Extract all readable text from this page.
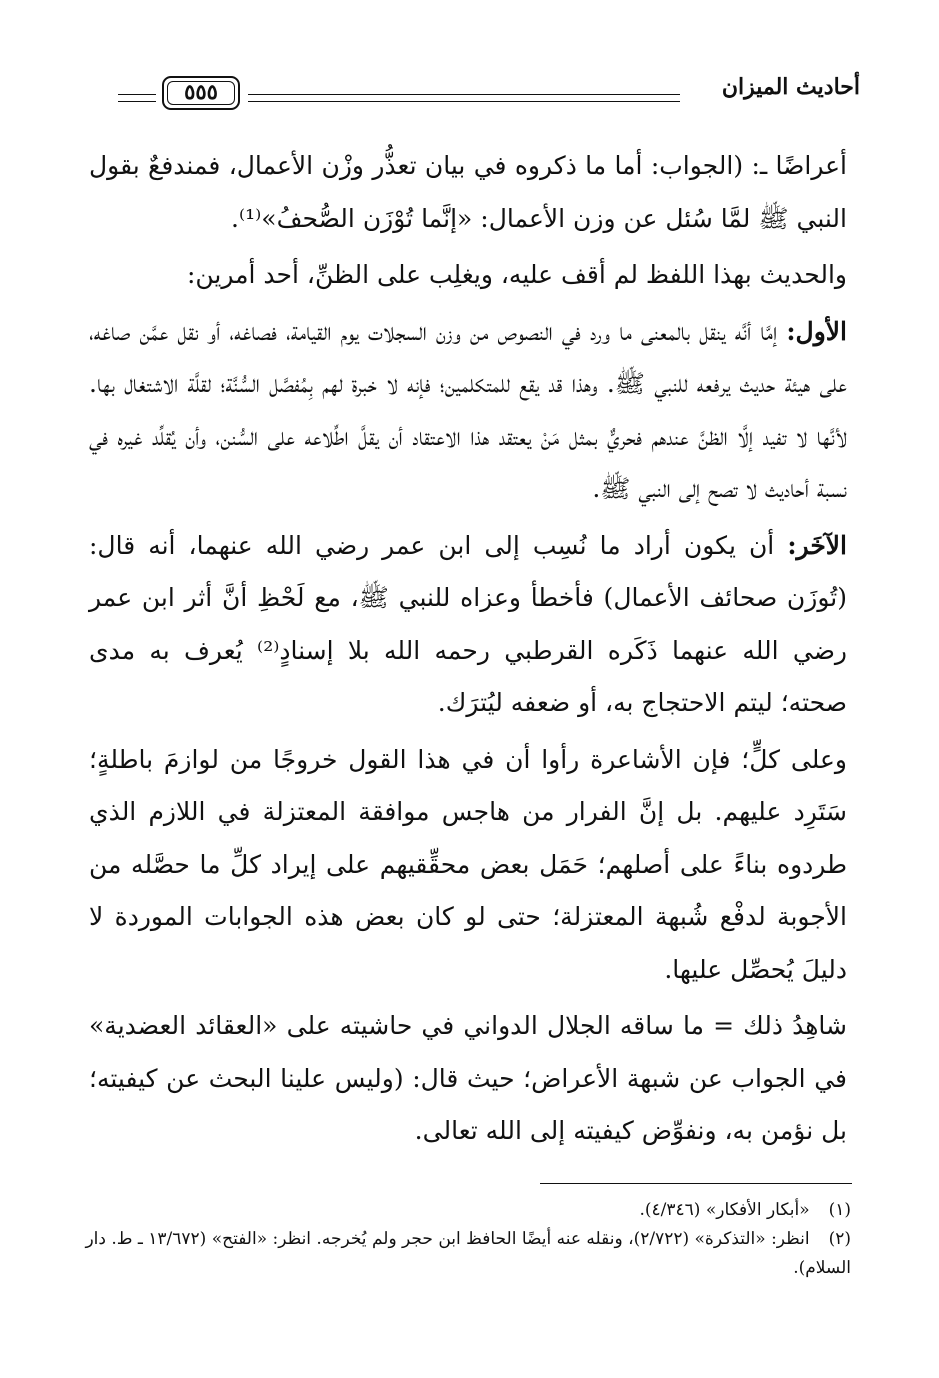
أحاديث الميزان
٥٥٥

أعراضًا ـ: (الجواب: أما ما ذكروه في بيان تعذُّر وزْن الأعمال، فمندفعٌ بقول النبي ﷺ لمَّا سُئل عن وزن الأعمال: «إنَّما تُوْزَن الصُّحفُ»⁽¹⁾.

والحديث بهذا اللفظ لم أقف عليه، ويغلِب على الظنِّ، أحد أمرين:

الأول: إمَّا أنَّه ينقل بالمعنى ما ورد في النصوص من وزن السجلات يوم القيامة، فصاغه، أو نقل عمَّن صاغه، على هيئة حديث يرفعه للنبي ﷺ. وهذا قد يقع للمتكلمين؛ فإنه لا خبرة لهم بِمُفصَّل السُّنَّة؛ لقلَّة الاشتغال بها. لأنَّها لا تفيد إلَّا الظنَّ عندهم فحريٌّ بمثل مَنْ يعتقد هذا الاعتقاد أن يقلَّ اطِّلاعه على السُّنن، وأن يُقلِّد غيره في نسبة أحاديث لا تصح إلى النبي ﷺ.

الآخَر: أن يكون أراد ما نُسِب إلى ابن عمر رضي الله عنهما، أنه قال: (تُوزَن صحائف الأعمال) فأخطأ وعزاه للنبي ﷺ، مع لَحْظِ أنَّ أثر ابن عمر رضي الله عنهما ذَكَره القرطبي رحمه الله بلا إسنادٍ⁽²⁾ يُعرف به مدى صحته؛ ليتم الاحتجاج به، أو ضعفه ليُترَك.

وعلى كلٍّ؛ فإن الأشاعرة رأوا أن في هذا القول خروجًا من لوازمَ باطلةٍ؛ سَتَرِد عليهم. بل إنَّ الفرار من هاجس موافقة المعتزلة في اللازم الذي طردوه بناءً على أصلهم؛ حَمَل بعض محقِّقيهم على إيراد كلِّ ما حصَّله من الأجوبة لدفْع شُبهة المعتزلة؛ حتى لو كان بعض هذه الجوابات الموردة لا دليلَ يُحصِّل عليها.

شاهِدُ ذلك = ما ساقه الجلال الدواني في حاشيته على «العقائد العضدية» في الجواب عن شبهة الأعراض؛ حيث قال: (وليس علينا البحث عن كيفيته؛ بل نؤمن به، ونفوِّض كيفيته إلى الله تعالى.

(١) «أبكار الأفكار» (٤/٣٤٦).

(٢) انظر: «التذكرة» (٢/٧٢٢)، ونقله عنه أيضًا الحافظ ابن حجر ولم يُخرجه. انظر: «الفتح» (١٣/٦٧٢ ـ ط. دار السلام).
